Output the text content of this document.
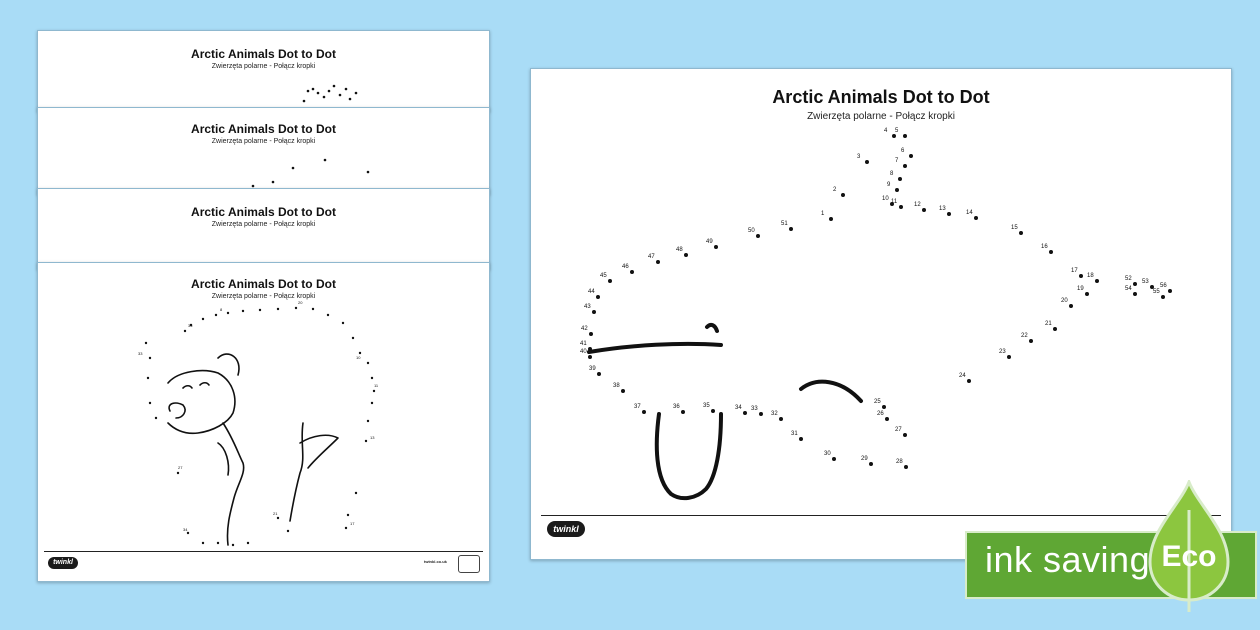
Arctic Animals Dot to Dot
Zwierzęta polarne - Połącz kropki
Arctic Animals Dot to Dot
Zwierzęta polarne - Połącz kropki
Arctic Animals Dot to Dot
Zwierzęta polarne - Połącz kropki
Arctic Animals Dot to Dot
Zwierzęta polarne - Połącz kropki
35
8
20
10
11
13
17
21
34
33
27
twinkl	twinkl.co.uk
Arctic Animals Dot to Dot
Zwierzęta polarne - Połącz kropki
1
2
3
4 5
6
7
8
9
10 11	12
13
14
15
16
17
18
19
20
21
22
23
24
25
26
27
28
29
30
31
32
33
34
35
36
37
38
39
40
41
42
43
44
45
46
47
48
49
50
51
52 53
54	55
56
twinkl
ink saving Eco
